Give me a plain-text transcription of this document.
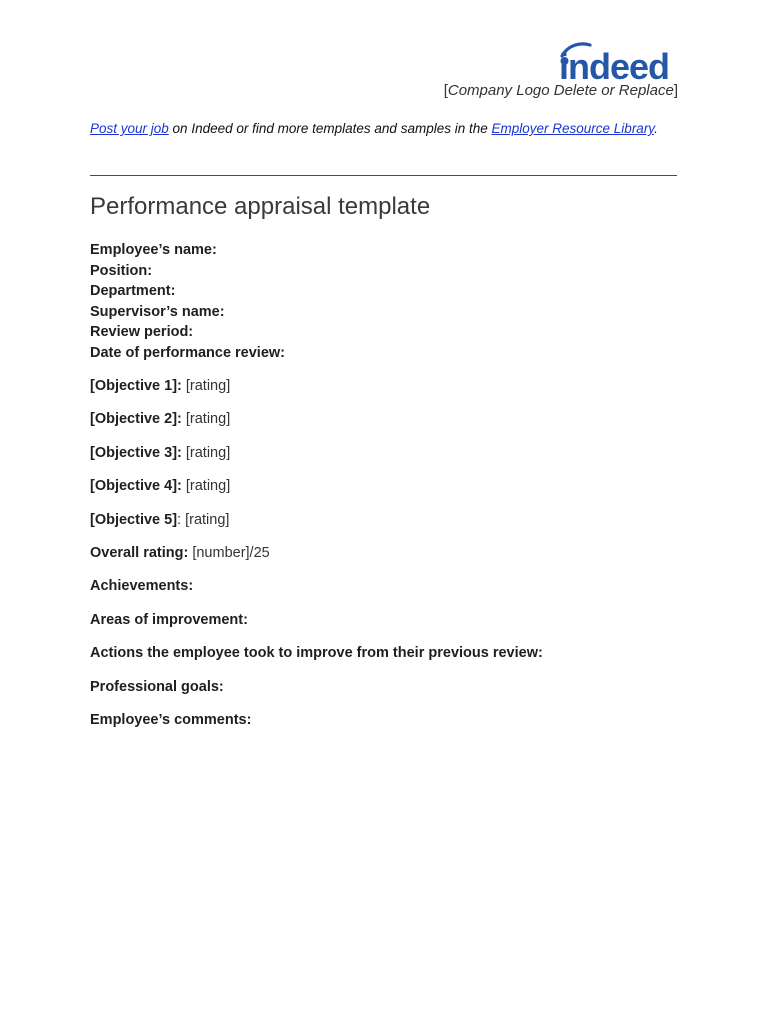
indeed
[Company Logo Delete or Replace]
Post your job on Indeed or find more templates and samples in the Employer Resource Library.
Performance appraisal template
Employee’s name:
Position:
Department:
Supervisor’s name:
Review period:
Date of performance review:
[Objective 1]: [rating]
[Objective 2]: [rating]
[Objective 3]: [rating]
[Objective 4]: [rating]
[Objective 5]: [rating]
Overall rating: [number]/25
Achievements:
Areas of improvement:
Actions the employee took to improve from their previous review:
Professional goals:
Employee’s comments:
